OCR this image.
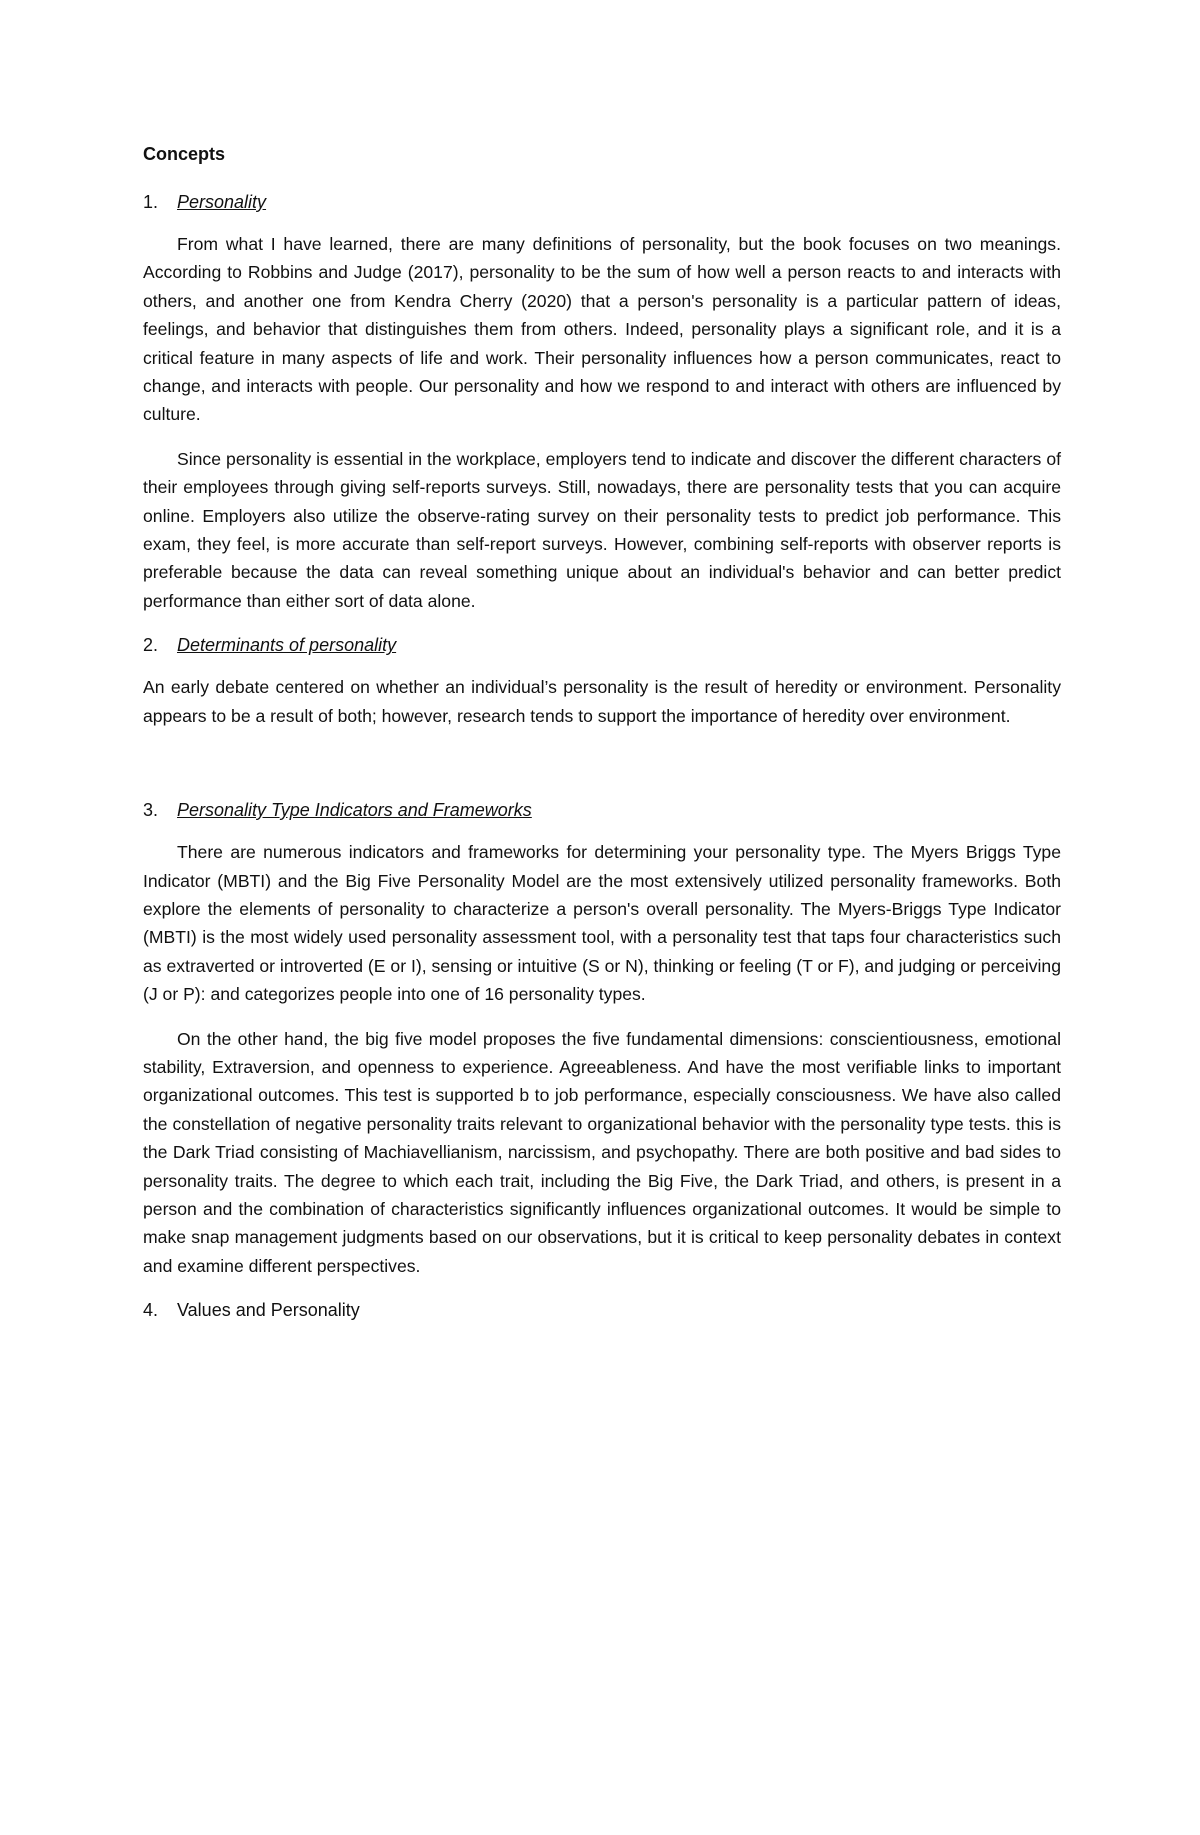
Concepts
1.	Personality

From what I have learned, there are many definitions of personality, but the book focuses on two meanings. According to Robbins and Judge (2017), personality to be the sum of how well a person reacts to and interacts with others, and another one from Kendra Cherry (2020) that a person's personality is a particular pattern of ideas, feelings, and behavior that distinguishes them from others. Indeed, personality plays a significant role, and it is a critical feature in many aspects of life and work. Their personality influences how a person communicates, react to change, and interacts with people. Our personality and how we respond to and interact with others are influenced by culture.

Since personality is essential in the workplace, employers tend to indicate and discover the different characters of their employees through giving self-reports surveys. Still, nowadays, there are personality tests that you can acquire online. Employers also utilize the observe-rating survey on their personality tests to predict job performance. This exam, they feel, is more accurate than self-report surveys. However, combining self-reports with observer reports is preferable because the data can reveal something unique about an individual's behavior and can better predict performance than either sort of data alone.

2.	Determinants of personality

An early debate centered on whether an individual’s personality is the result of heredity or environment. Personality appears to be a result of both; however, research tends to support the importance of heredity over environment.

3.	Personality Type Indicators and Frameworks

There are numerous indicators and frameworks for determining your personality type. The Myers Briggs Type Indicator (MBTI) and the Big Five Personality Model are the most extensively utilized personality frameworks. Both explore the elements of personality to characterize a person's overall personality. The Myers-Briggs Type Indicator (MBTI) is the most widely used personality assessment tool, with a personality test that taps four characteristics such as extraverted or introverted (E or I), sensing or intuitive (S or N), thinking or feeling (T or F), and judging or perceiving (J or P): and categorizes people into one of 16 personality types.

On the other hand, the big five model proposes the five fundamental dimensions: conscientiousness, emotional stability, Extraversion, and openness to experience. Agreeableness. And have the most verifiable links to important organizational outcomes. This test is supported b to job performance, especially consciousness. We have also called the constellation of negative personality traits relevant to organizational behavior with the personality type tests. this is the Dark Triad consisting of Machiavellianism, narcissism, and psychopathy. There are both positive and bad sides to personality traits. The degree to which each trait, including the Big Five, the Dark Triad, and others, is present in a person and the combination of characteristics significantly influences organizational outcomes. It would be simple to make snap management judgments based on our observations, but it is critical to keep personality debates in context and examine different perspectives.

4.	Values and Personality
